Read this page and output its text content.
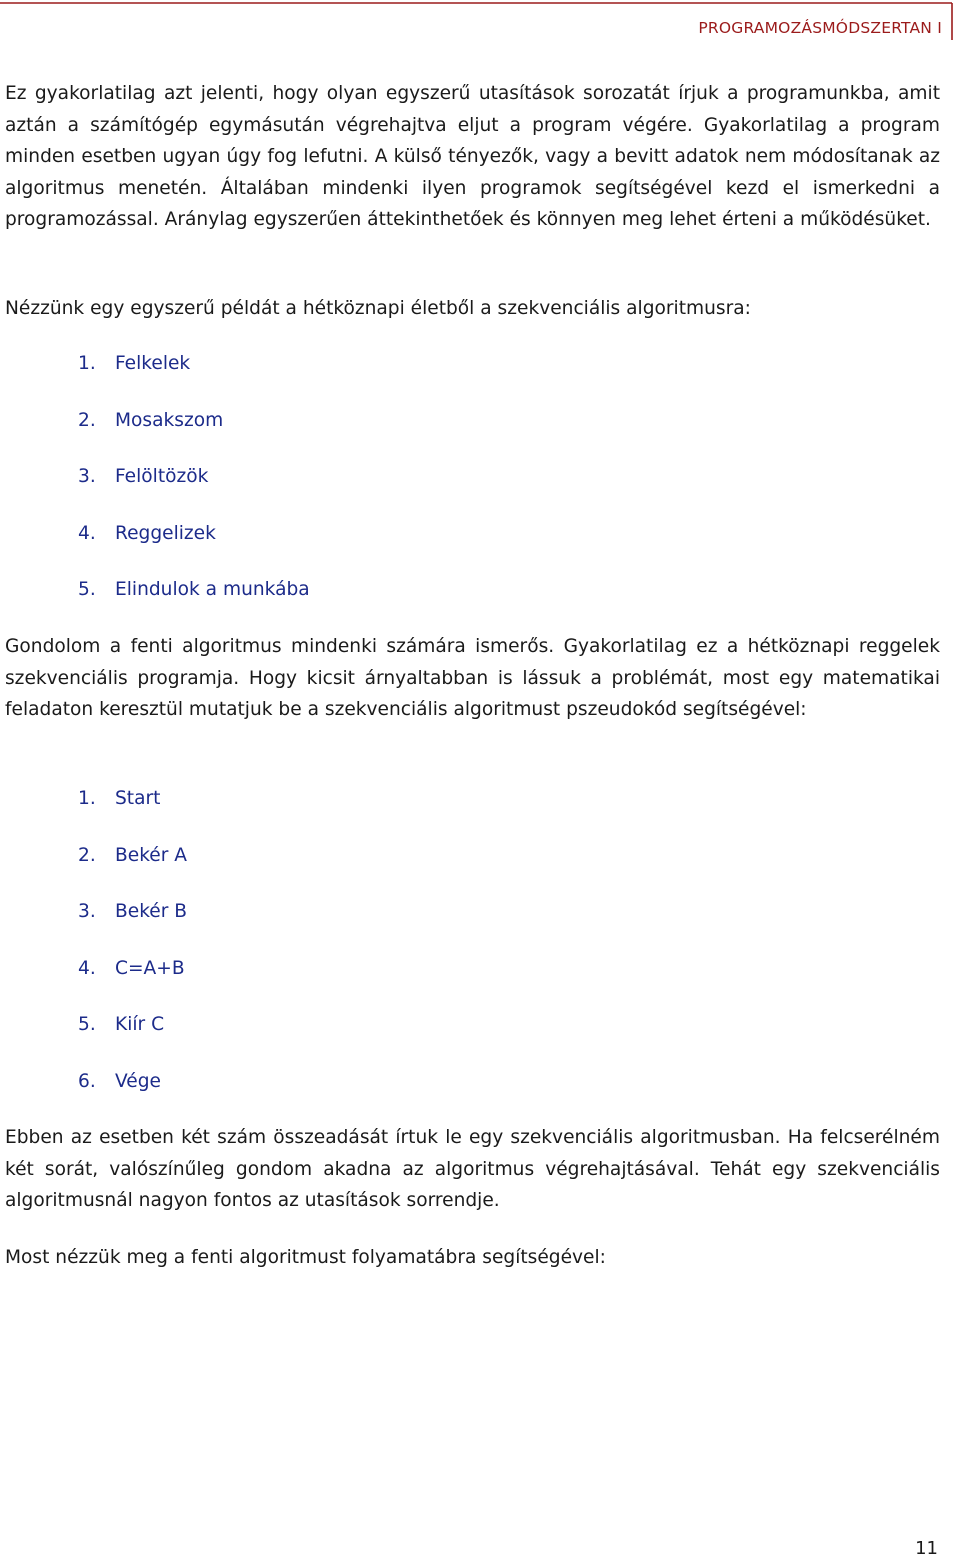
PROGRAMOZÁSMÓDSZERTAN I

Ez gyakorlatilag azt jelenti, hogy olyan egyszerű utasítások sorozatát írjuk a programunkba, amit aztán a számítógép egymásután végrehajtva eljut a program végére. Gyakorlatilag a program minden esetben ugyan úgy fog lefutni. A külső tényezők, vagy a bevitt adatok nem módosítanak az algoritmus menetén. Általában mindenki ilyen programok segítségével kezd el ismerkedni a programozással. Aránylag egyszerűen áttekinthetőek és könnyen meg lehet érteni a működésüket.

Nézzünk egy egyszerű példát a hétköznapi életből a szekvenciális algoritmusra:

1. Felkelek
2. Mosakszom
3. Felöltözök
4. Reggelizek
5. Elindulok a munkába

Gondolom a fenti algoritmus mindenki számára ismerős. Gyakorlatilag ez a hétköznapi reggelek szekvenciális programja. Hogy kicsit árnyaltabban is lássuk a problémát, most egy matematikai feladaton keresztül mutatjuk be a szekvenciális algoritmust pszeudokód segítségével:

1. Start
2. Bekér A
3. Bekér B
4. C=A+B
5. Kiír C
6. Vége

Ebben az esetben két szám összeadását írtuk le egy szekvenciális algoritmusban. Ha felcserélném két sorát, valószínűleg gondom akadna az algoritmus végrehajtásával. Tehát egy szekvenciális algoritmusnál nagyon fontos az utasítások sorrendje.

Most nézzük meg a fenti algoritmust folyamatábra segítségével:

11
